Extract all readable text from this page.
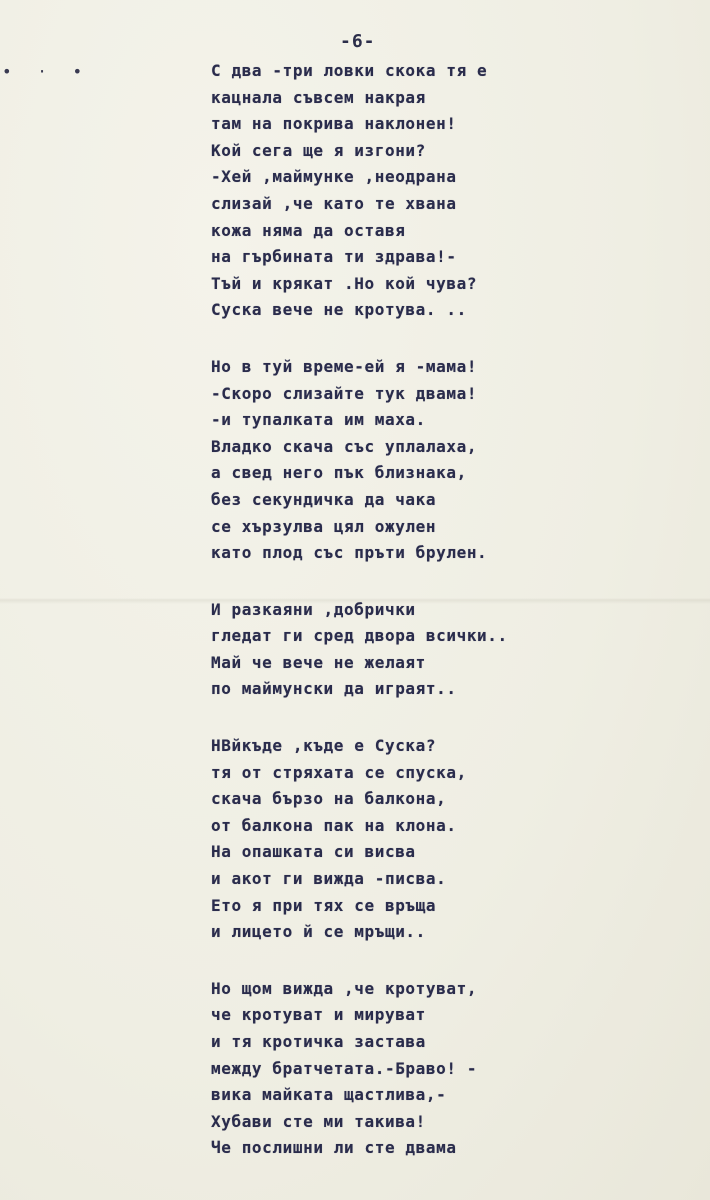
• · •
-6-
С два -три ловки скока тя е
кацнала съвсем накрая
там на покрива наклонен!
Кой сега ще я изгони?
-Хей ,маймунке ,неодрана
слизай ,че като те хвана
кожа няма да оставя
на гърбината ти здрава!-
Тъй и крякат .Но кой чува?
Суска вече не кротува. ..
Но в туй време-ей я -мама!
-Скоро слизайте тук двама!
-и тупалката им маха.
Владко скача със уплалаха,
а свед него пък близнака,
без секундичка да чака
се хързулва цял ожулен
като плод със пръти брулен.
И разкаяни ,добрички
гледат ги сред двора всички..
Май че вече не желаят
по маймунски да играят..
НВйкъде ,къде е Суска?
тя от стряхата се спуска,
скача бързо на балкона,
от балкона пак на клона.
На опашката си висва
и акот ги вижда -писва.
Ето я при тях се връща
и лицето й се мръщи..
Но щом вижда ,че кротуват,
че кротуват и мируват
и тя кротичка застава
между братчетата.-Браво! -
вика майката щастлива,-
Хубави сте ми такива!
Че послишни ли сте двама
